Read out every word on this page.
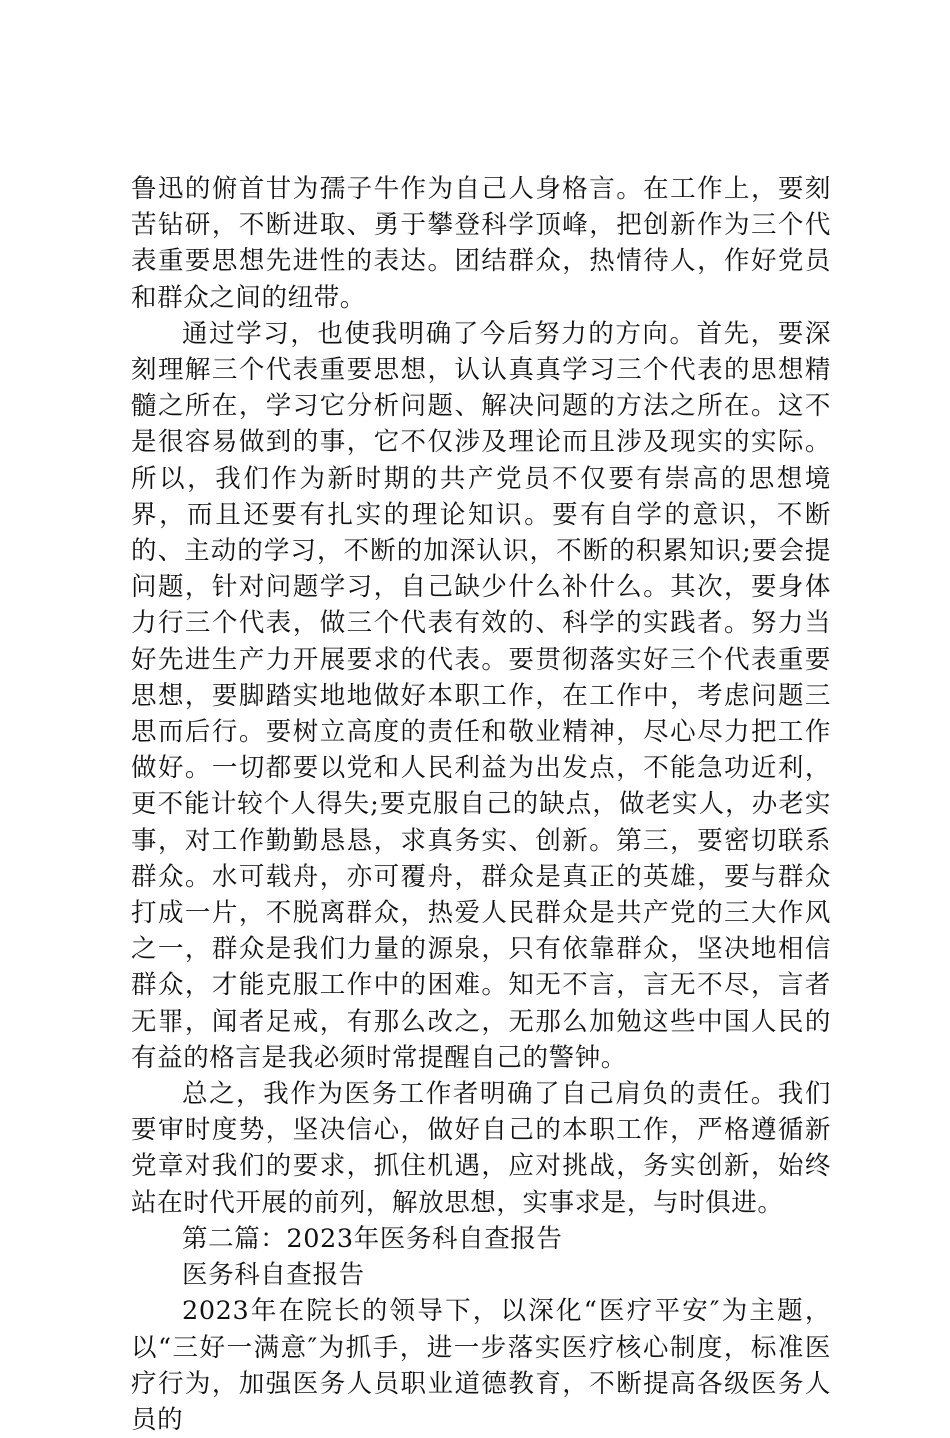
鲁迅的俯首甘为孺子牛作为自己人身格言。在工作上，要刻苦钻研，不断进取、勇于攀登科学顶峰，把创新作为三个代表重要思想先进性的表达。团结群众，热情待人，作好党员和群众之间的纽带。

通过学习，也使我明确了今后努力的方向。首先，要深刻理解三个代表重要思想，认认真真学习三个代表的思想精髓之所在，学习它分析问题、解决问题的方法之所在。这不是很容易做到的事，它不仅涉及理论而且涉及现实的实际。所以，我们作为新时期的共产党员不仅要有崇高的思想境界，而且还要有扎实的理论知识。要有自学的意识，不断的、主动的学习，不断的加深认识，不断的积累知识;要会提问题，针对问题学习，自己缺少什么补什么。其次，要身体力行三个代表，做三个代表有效的、科学的实践者。努力当好先进生产力开展要求的代表。要贯彻落实好三个代表重要思想，要脚踏实地地做好本职工作，在工作中，考虑问题三思而后行。要树立高度的责任和敬业精神，尽心尽力把工作做好。一切都要以党和人民利益为出发点，不能急功近利，更不能计较个人得失;要克服自己的缺点，做老实人，办老实事，对工作勤勤恳恳，求真务实、创新。第三，要密切联系群众。水可载舟，亦可覆舟，群众是真正的英雄，要与群众打成一片，不脱离群众，热爱人民群众是共产党的三大作风之一，群众是我们力量的源泉，只有依靠群众，坚决地相信群众，才能克服工作中的困难。知无不言，言无不尽，言者无罪，闻者足戒，有那么改之，无那么加勉这些中国人民的有益的格言是我必须时常提醒自己的警钟。

总之，我作为医务工作者明确了自己肩负的责任。我们要审时度势，坚决信心，做好自己的本职工作，严格遵循新党章对我们的要求，抓住机遇，应对挑战，务实创新，始终站在时代开展的前列，解放思想，实事求是，与时俱进。

第二篇：2023年医务科自查报告

医务科自查报告

2023年在院长的领导下，以深化“医疗平安″为主题，以“三好一满意″为抓手，进一步落实医疗核心制度，标准医疗行为，加强医务人员职业道德教育，不断提高各级医务人员的
